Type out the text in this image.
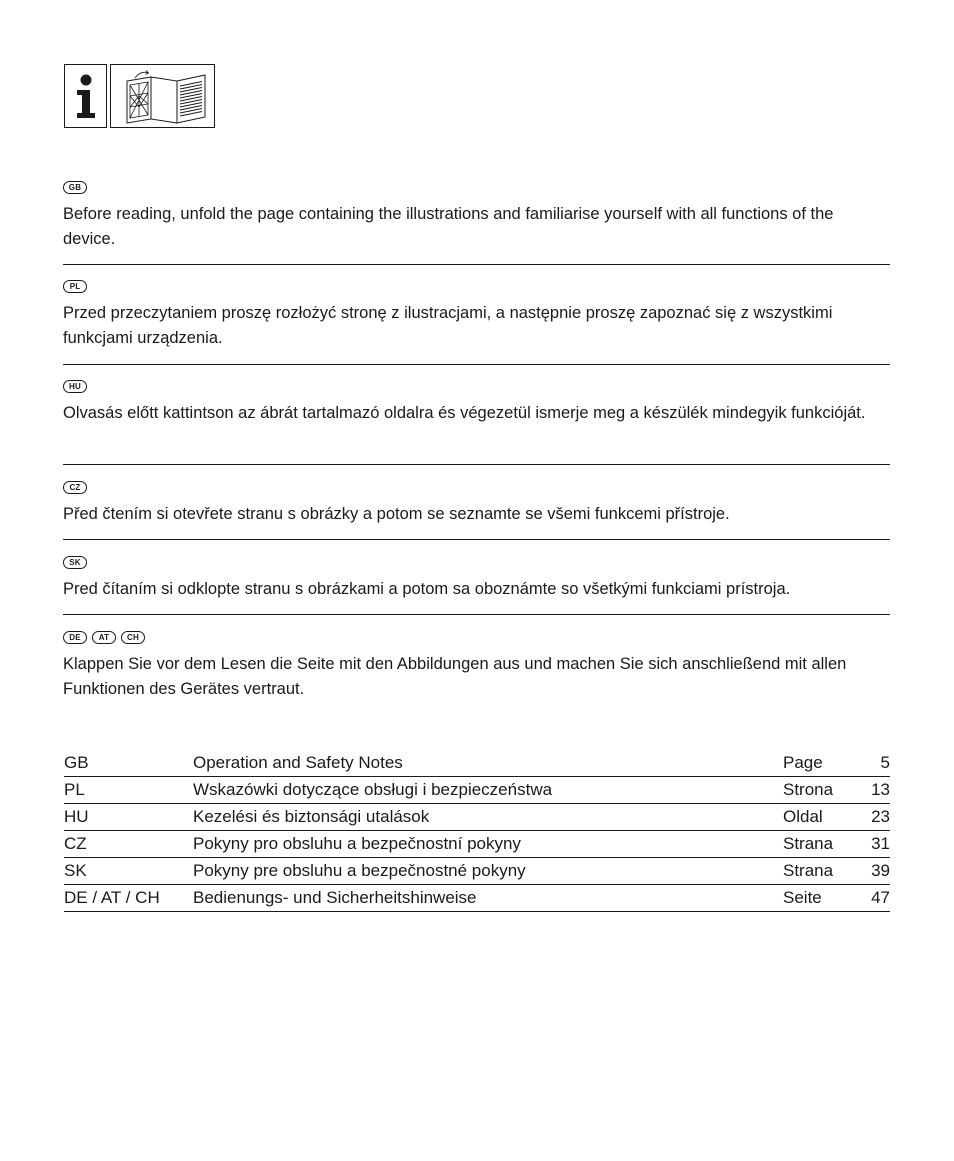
GB

Before reading, unfold the page containing the illustrations and familiarise yourself with all functions of the device.

PL

Przed przeczytaniem proszę rozłożyć stronę z ilustracjami, a następnie proszę zapoznać się z wszystkimi funkcjami urządzenia.

HU

Olvasás előtt kattintson az ábrát tartalmazó oldalra és végezetül ismerje meg a készülék mindegyik funkcióját.

CZ

Před čtením si otevřete stranu s obrázky a potom se seznamte se všemi funkcemi přístroje.

SK

Pred čítaním si odklopte stranu s obrázkami a potom sa oboznámte so všetkými funkciami prístroja.

DE	AT	CH

Klappen Sie vor dem Lesen die Seite mit den Abbildungen aus und machen Sie sich anschließend mit allen Funktionen des Gerätes vertraut.

GB	Operation and Safety Notes	Page	5
PL	Wskazówki dotyczące obsługi i bezpieczeństwa	Strona	13
HU	Kezelési és biztonsági utalások	Oldal	23
CZ	Pokyny pro obsluhu a bezpečnostní pokyny	Strana	31
SK	Pokyny pre obsluhu a bezpečnostné pokyny	Strana	39
DE / AT / CH	Bedienungs- und Sicherheitshinweise	Seite	47
